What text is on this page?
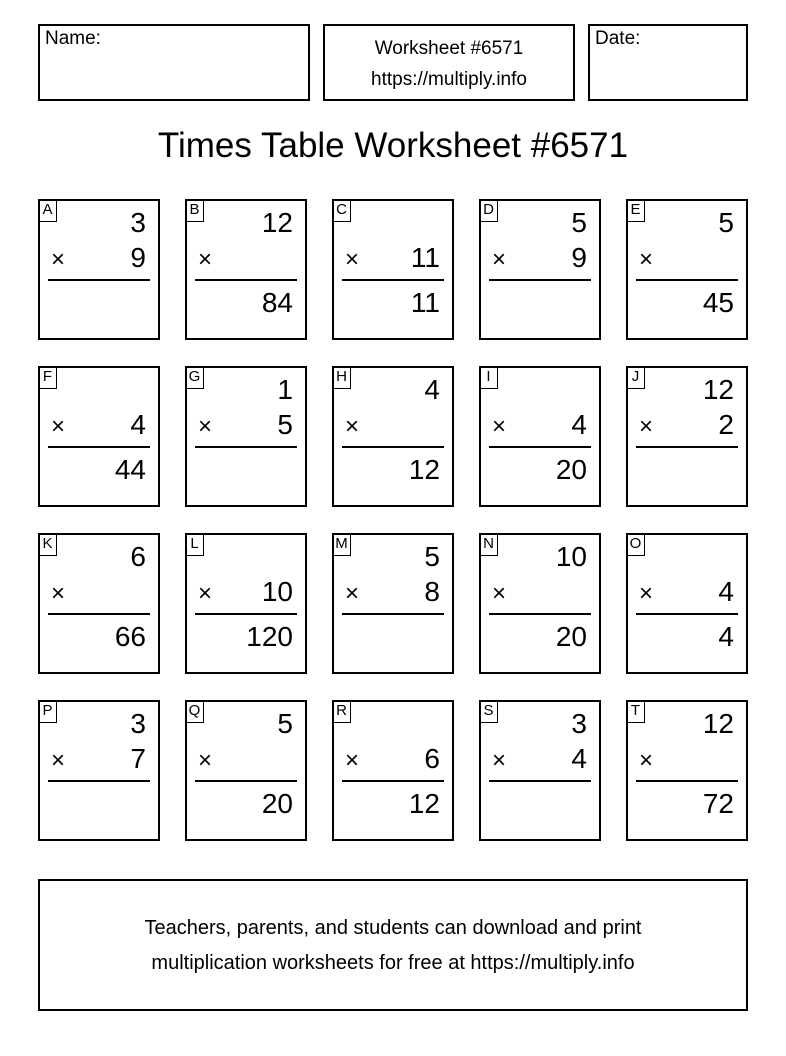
Name:	Worksheet #6571
https://multiply.info
Date:
Times Table Worksheet #6571
A	3
× 9
B 12
×
84
C
× 11
11
D	5
× 9
E	5
×
45
F
× 4
44
G	1
× 5
H	4
×
12
I
× 4
20
J 12
× 2
K	6
×
66
L
× 10
120
M	5
× 8
N 10
×
20
O
× 4
4
P	3
× 7
Q	5
×
20
R
× 6
12
S	3
× 4
T 12
×
72
Teachers, parents, and students can download and print
multiplication worksheets for free at https://multiply.info
